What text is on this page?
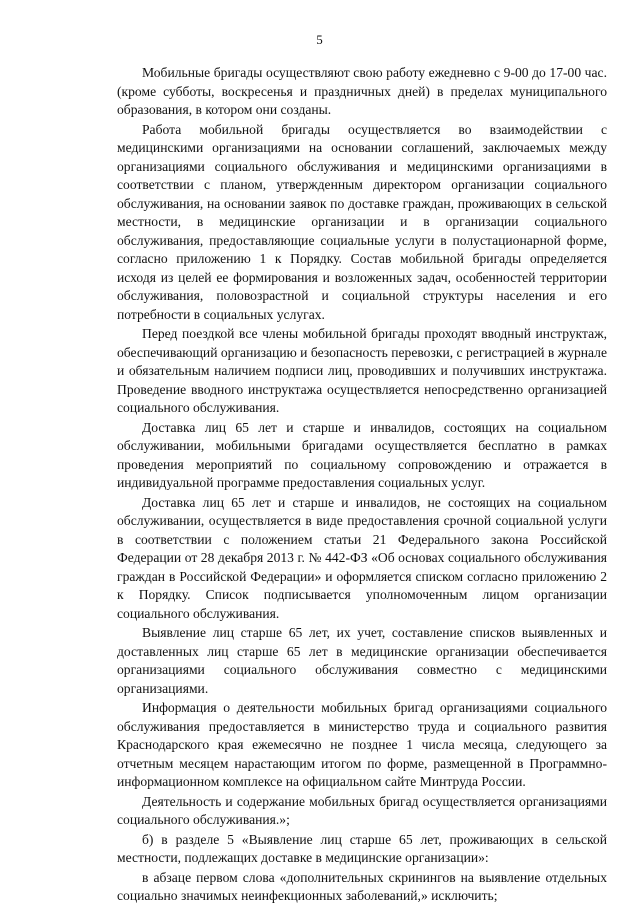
5

Мобильные бригады осуществляют свою работу ежедневно с 9-00 до 17-00 час. (кроме субботы, воскресенья и праздничных дней) в пределах муниципального образования, в котором они созданы.

Работа мобильной бригады осуществляется во взаимодействии с медицинскими организациями на основании соглашений, заключаемых между организациями социального обслуживания и медицинскими организациями в соответствии с планом, утвержденным директором организации социального обслуживания, на основании заявок по доставке граждан, проживающих в сельской местности, в медицинские организации и в организации социального обслуживания, предоставляющие социальные услуги в полустационарной форме, согласно приложению 1 к Порядку. Состав мобильной бригады определяется исходя из целей ее формирования и возложенных задач, особенностей территории обслуживания, половозрастной и социальной структуры населения и его потребности в социальных услугах.

Перед поездкой все члены мобильной бригады проходят вводный инструктаж, обеспечивающий организацию и безопасность перевозки, с регистрацией в журнале и обязательным наличием подписи лиц, проводивших и получивших инструктажа. Проведение вводного инструктажа осуществляется непосредственно организацией социального обслуживания.

Доставка лиц 65 лет и старше и инвалидов, состоящих на социальном обслуживании, мобильными бригадами осуществляется бесплатно в рамках проведения мероприятий по социальному сопровождению и отражается в индивидуальной программе предоставления социальных услуг.

Доставка лиц 65 лет и старше и инвалидов, не состоящих на социальном обслуживании, осуществляется в виде предоставления срочной социальной услуги в соответствии с положением статьи 21 Федерального закона Российской Федерации от 28 декабря 2013 г. № 442-ФЗ «Об основах социального обслуживания граждан в Российской Федерации» и оформляется списком согласно приложению 2 к Порядку. Список подписывается уполномоченным лицом организации социального обслуживания.

Выявление лиц старше 65 лет, их учет, составление списков выявленных и доставленных лиц старше 65 лет в медицинские организации обеспечивается организациями социального обслуживания совместно с медицинскими организациями.

Информация о деятельности мобильных бригад организациями социального обслуживания предоставляется в министерство труда и социального развития Краснодарского края ежемесячно не позднее 1 числа месяца, следующего за отчетным месяцем нарастающим итогом по форме, размещенной в Программно-информационном комплексе на официальном сайте Минтруда России.

Деятельность и содержание мобильных бригад осуществляется организациями социального обслуживания.»;

б) в разделе 5 «Выявление лиц старше 65 лет, проживающих в сельской местности, подлежащих доставке в медицинские организации»:

в абзаце первом слова «дополнительных скринингов на выявление отдельных социально значимых неинфекционных заболеваний,» исключить;
